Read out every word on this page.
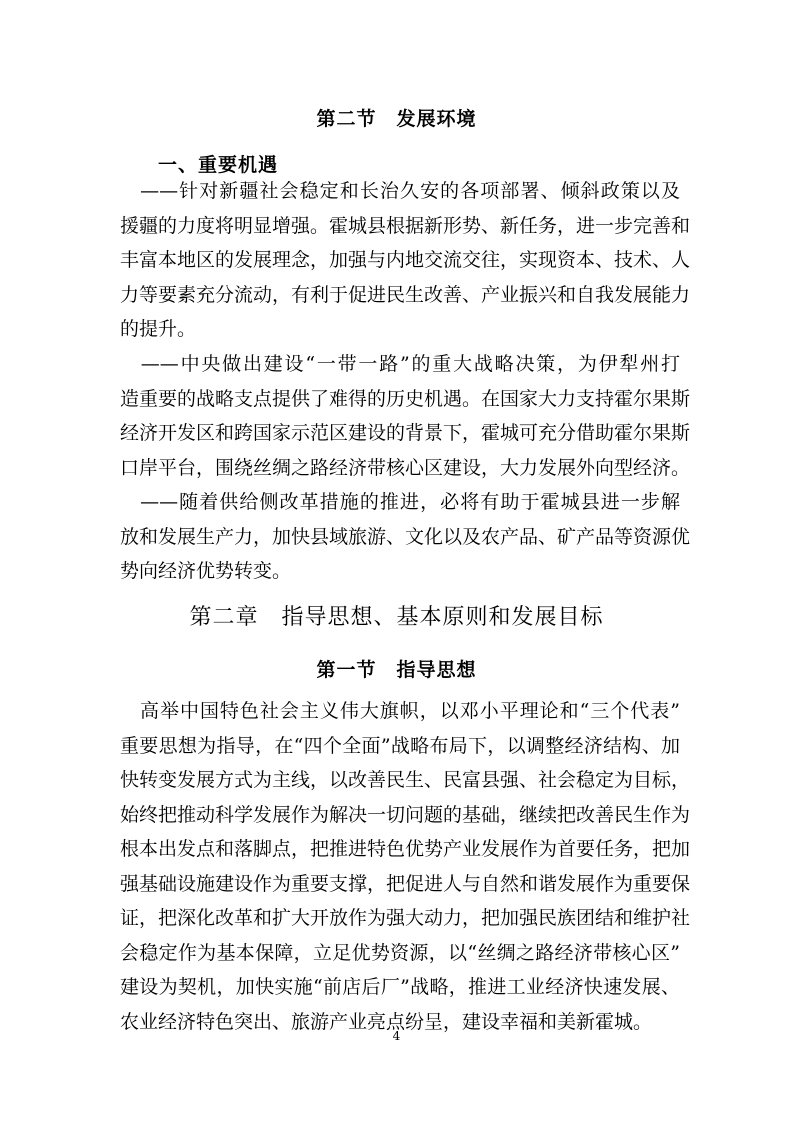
第二节　发展环境
一、重要机遇
　——针对新疆社会稳定和长治久安的各项部署、倾斜政策以及
援疆的力度将明显增强。霍城县根据新形势、新任务，进一步完善和
丰富本地区的发展理念，加强与内地交流交往，实现资本、技术、人
力等要素充分流动，有利于促进民生改善、产业振兴和自我发展能力
的提升。
　——中央做出建设“一带一路”的重大战略决策，为伊犁州打
造重要的战略支点提供了难得的历史机遇。在国家大力支持霍尔果斯
经济开发区和跨国家示范区建设的背景下，霍城可充分借助霍尔果斯
口岸平台，围绕丝绸之路经济带核心区建设，大力发展外向型经济。
　——随着供给侧改革措施的推进，必将有助于霍城县进一步解
放和发展生产力，加快县域旅游、文化以及农产品、矿产品等资源优
势向经济优势转变。
第二章　指导思想、基本原则和发展目标
第一节　指导思想
　高举中国特色社会主义伟大旗帜，以邓小平理论和“三个代表”
重要思想为指导，在“四个全面”战略布局下，以调整经济结构、加
快转变发展方式为主线，以改善民生、民富县强、社会稳定为目标，
始终把推动科学发展作为解决一切问题的基础，继续把改善民生作为
根本出发点和落脚点，把推进特色优势产业发展作为首要任务，把加
强基础设施建设作为重要支撑，把促进人与自然和谐发展作为重要保
证，把深化改革和扩大开放作为强大动力，把加强民族团结和维护社
会稳定作为基本保障，立足优势资源，以“丝绸之路经济带核心区”
建设为契机，加快实施“前店后厂”战略，推进工业经济快速发展、
农业经济特色突出、旅游产业亮点纷呈，建设幸福和美新霍城。
4
